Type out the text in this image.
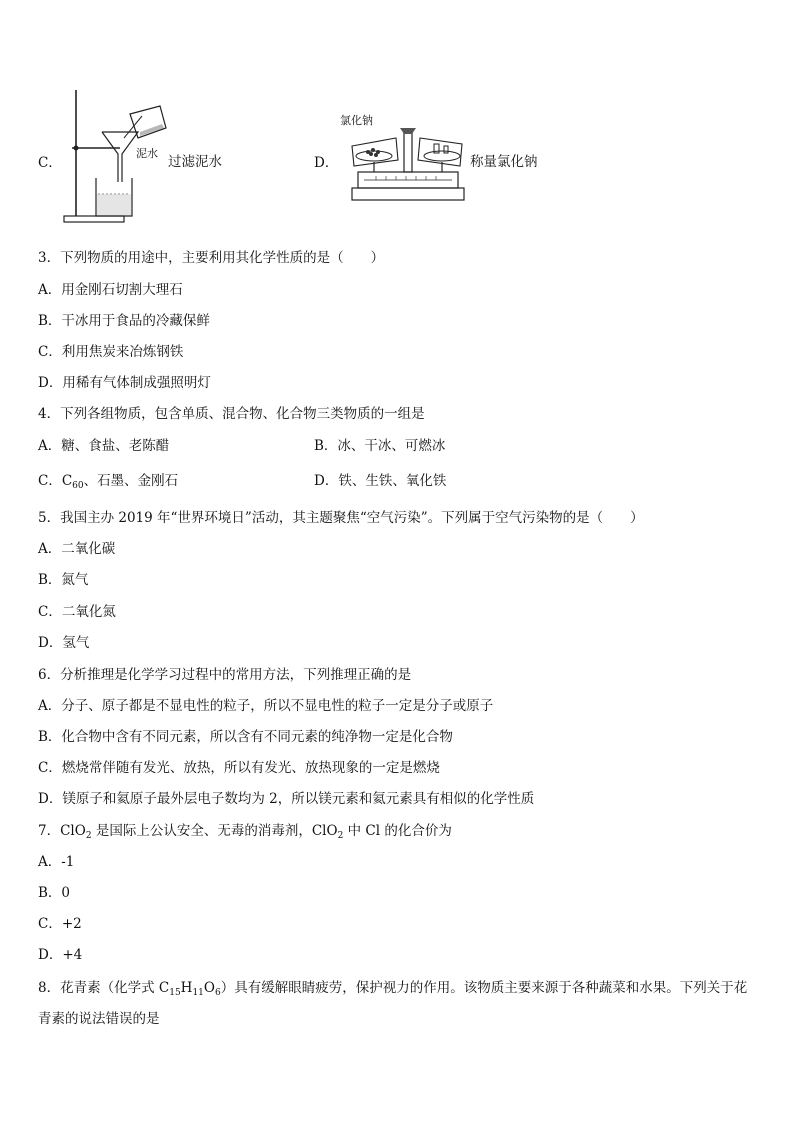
C．
泥水
过滤泥水	D．
氯化钠
称量氯化钠
3．下列物质的用途中，主要利用其化学性质的是（　　）
A．用金刚石切割大理石
B．干冰用于食品的冷藏保鲜
C．利用焦炭来冶炼钢铁
D．用稀有气体制成强照明灯
4．下列各组物质，包含单质、混合物、化合物三类物质的一组是
A．糖、食盐、老陈醋	B．冰、干冰、可燃冰
C．$C_{60}$、石墨、金刚石	D．铁、生铁、氧化铁
5．我国主办 2019 年“世界环境日”活动，其主题聚焦“空气污染”。下列属于空气污染物的是（　　）
A．二氧化碳
B．氮气
C．二氧化氮
D．氢气
6．分析推理是化学学习过程中的常用方法，下列推理正确的是
A．分子、原子都是不显电性的粒子，所以不显电性的粒子一定是分子或原子
B．化合物中含有不同元素，所以含有不同元素的纯净物一定是化合物
C．燃烧常伴随有发光、放热，所以有发光、放热现象的一定是燃烧
D．镁原子和氦原子最外层电子数均为 2，所以镁元素和氦元素具有相似的化学性质
7．ClO$_2$ 是国际上公认安全、无毒的消毒剂，ClO$_2$ 中 Cl 的化合价为
A．-1
B．0
C．+2
D．+4
8．花青素（化学式 $C_{15}H_{11}O_6$）具有缓解眼睛疲劳，保护视力的作用。该物质主要来源于各种蔬菜和水果。下列关于花
青素的说法错误的是
